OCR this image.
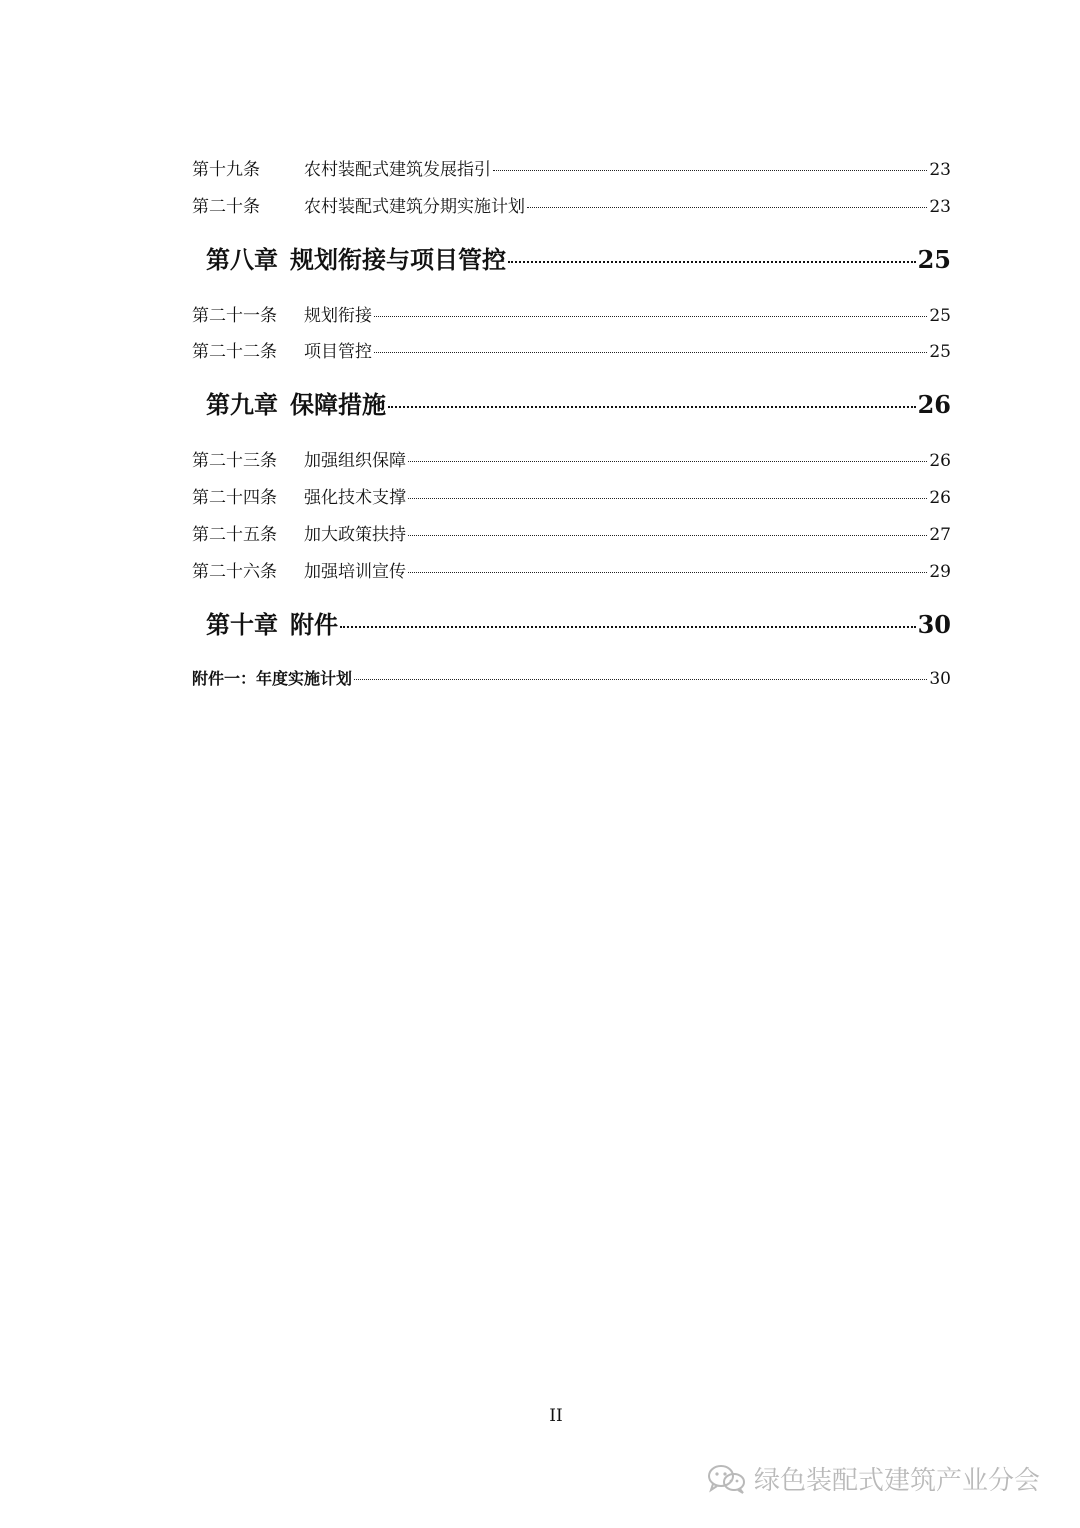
第十九条	农村装配式建筑发展指引	23
第二十条	农村装配式建筑分期实施计划	23
第八章 规划衔接与项目管控	25
第二十一条	规划衔接	25
第二十二条	项目管控	25
第九章 保障措施	26
第二十三条	加强组织保障	26
第二十四条	强化技术支撑	26
第二十五条	加大政策扶持	27
第二十六条	加强培训宣传	29
第十章 附件	30
附件一：年度实施计划	30
II
绿色装配式建筑产业分会
